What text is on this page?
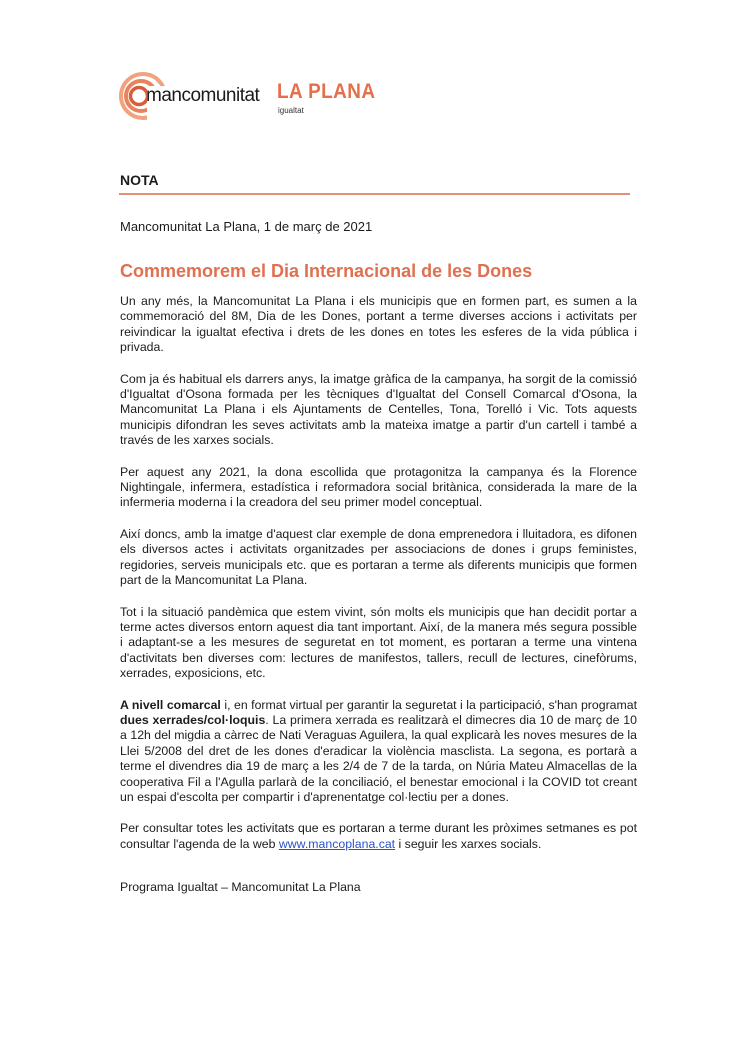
mancomunitat LA PLANA
igualtat
NOTA
Mancomunitat La Plana, 1 de març de 2021
Commemorem el Dia Internacional de les Dones

Un any més, la Mancomunitat La Plana i els municipis que en formen part, es sumen a la commemoració del 8M, Dia de les Dones, portant a terme diverses accions i activitats per reivindicar la igualtat efectiva i drets de les dones en totes les esferes de la vida pública i privada.

Com ja és habitual els darrers anys, la imatge gràfica de la campanya, ha sorgit de la comissió d'Igualtat d'Osona formada per les tècniques d'Igualtat del Consell Comarcal d'Osona, la Mancomunitat La Plana i els Ajuntaments de Centelles, Tona, Torelló i Vic. Tots aquests municipis difondran les seves activitats amb la mateixa imatge a partir d'un cartell i també a través de les xarxes socials.

Per aquest any 2021, la dona escollida que protagonitza la campanya és la Florence Nightingale, infermera, estadística i reformadora social britànica, considerada la mare de la infermeria moderna i la creadora del seu primer model conceptual.

Així doncs, amb la imatge d'aquest clar exemple de dona emprenedora i lluitadora, es difonen els diversos actes i activitats organitzades per associacions de dones i grups feministes, regidories, serveis municipals etc. que es portaran a terme als diferents municipis que formen part de la Mancomunitat La Plana.

Tot i la situació pandèmica que estem vivint, són molts els municipis que han decidit portar a terme actes diversos entorn aquest dia tant important. Així, de la manera més segura possible i adaptant-se a les mesures de seguretat en tot moment, es portaran a terme una vintena d'activitats ben diverses com: lectures de manifestos, tallers, recull de lectures, cinefòrums, xerrades, exposicions, etc.

A nivell comarcal i, en format virtual per garantir la seguretat i la participació, s'han programat dues xerrades/col·loquis. La primera xerrada es realitzarà el dimecres dia 10 de març de 10 a 12h del migdia a càrrec de Nati Veraguas Aguilera, la qual explicarà les noves mesures de la Llei 5/2008 del dret de les dones d'eradicar la violència masclista. La segona, es portarà a terme el divendres dia 19 de març a les 2/4 de 7 de la tarda, on Núria Mateu Almacellas de la cooperativa Fil a l'Agulla parlarà de la conciliació, el benestar emocional i la COVID tot creant un espai d'escolta per compartir i d'aprenentatge col·lectiu per a dones.

Per consultar totes les activitats que es portaran a terme durant les pròximes setmanes es pot consultar l'agenda de la web www.mancoplana.cat i seguir les xarxes socials.

Programa Igualtat – Mancomunitat La Plana
